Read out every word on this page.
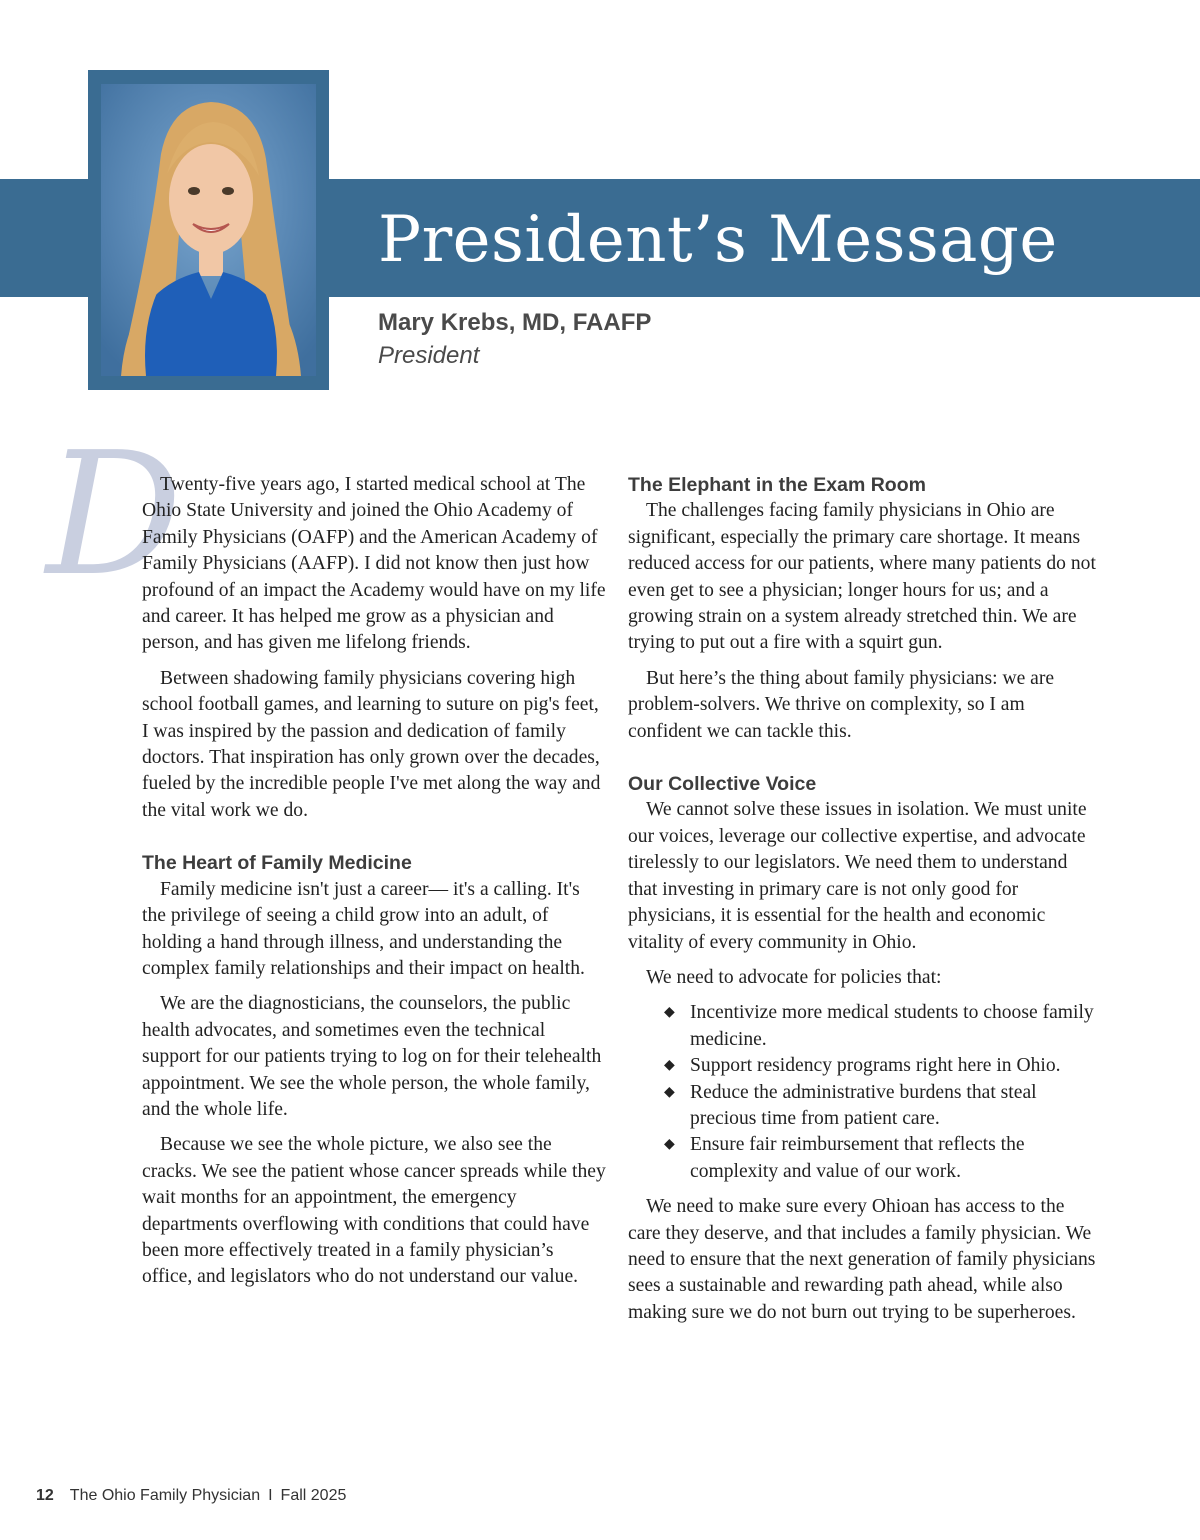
President’s Message
Mary Krebs, MD, FAAFP
President
D

Twenty-five years ago, I started medical school at The Ohio State University and joined the Ohio Academy of Family Physicians (OAFP) and the American Academy of Family Physicians (AAFP). I did not know then just how profound of an impact the Academy would have on my life and career. It has helped me grow as a physician and person, and has given me lifelong friends.

Between shadowing family physicians covering high school football games, and learning to suture on pig's feet, I was inspired by the passion and dedication of family doctors. That inspiration has only grown over the decades, fueled by the incredible people I've met along the way and the vital work we do.

The Heart of Family Medicine

Family medicine isn't just a career— it's a calling. It's the privilege of seeing a child grow into an adult, of holding a hand through illness, and understanding the complex family relationships and their impact on health.

We are the diagnosticians, the counselors, the public health advocates, and sometimes even the technical support for our patients trying to log on for their telehealth appointment. We see the whole person, the whole family, and the whole life.

Because we see the whole picture, we also see the cracks. We see the patient whose cancer spreads while they wait months for an appointment, the emergency departments overflowing with conditions that could have been more effectively treated in a family physician’s office, and legislators who do not understand our value.

The Elephant in the Exam Room

The challenges facing family physicians in Ohio are significant, especially the primary care shortage. It means reduced access for our patients, where many patients do not even get to see a physician; longer hours for us; and a growing strain on a system already stretched thin. We are trying to put out a fire with a squirt gun.

But here’s the thing about family physicians: we are problem-solvers. We thrive on complexity, so I am confident we can tackle this.

Our Collective Voice

We cannot solve these issues in isolation. We must unite our voices, leverage our collective expertise, and advocate tirelessly to our legislators. We need them to understand that investing in primary care is not only good for physicians, it is essential for the health and economic vitality of every community in Ohio.

We need to advocate for policies that:

◆ Incentivize more medical students to choose family medicine.
◆ Support residency programs right here in Ohio.
◆ Reduce the administrative burdens that steal precious time from patient care.
◆ Ensure fair reimbursement that reflects the complexity and value of our work.

We need to make sure every Ohioan has access to the care they deserve, and that includes a family physician. We need to ensure that the next generation of family physicians sees a sustainable and rewarding path ahead, while also making sure we do not burn out trying to be superheroes.

12 The Ohio Family Physician I Fall 2025
